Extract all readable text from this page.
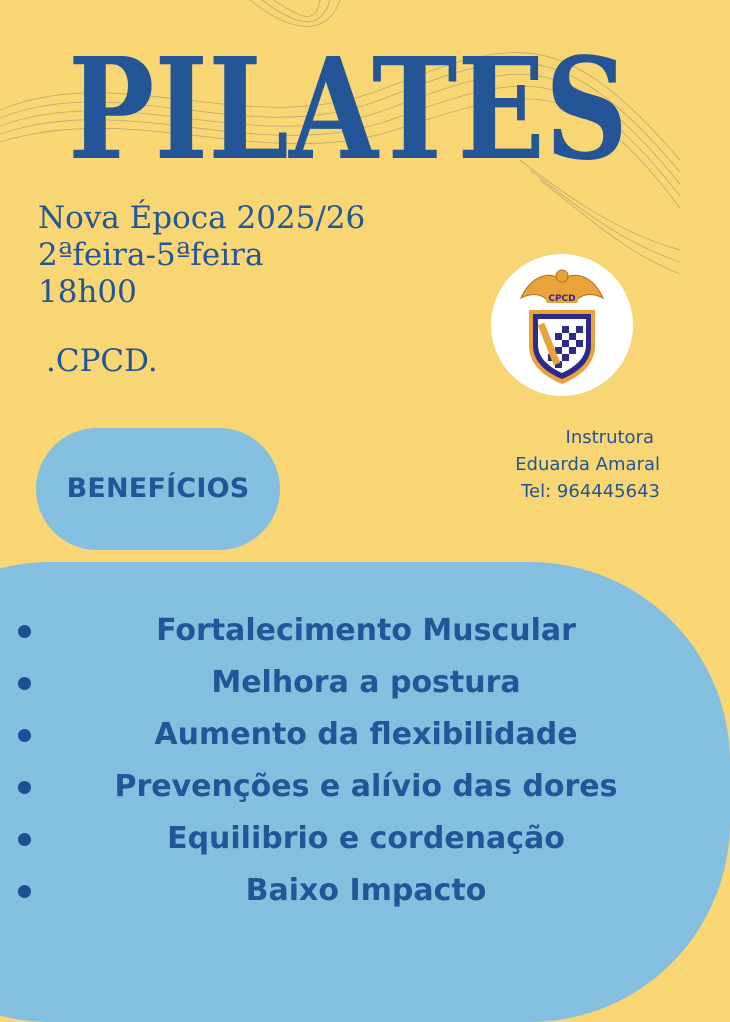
PILATES
Nova Época 2025/26
2ªfeira-5ªfeira
18h00
.CPCD.
CPCD
Instrutora
Eduarda Amaral
Tel: 964445643
BENEFÍCIOS
Fortalecimento Muscular
Melhora a postura
Aumento da flexibilidade
Prevenções e alívio das dores
Equilibrio e cordenação
Baixo Impacto
